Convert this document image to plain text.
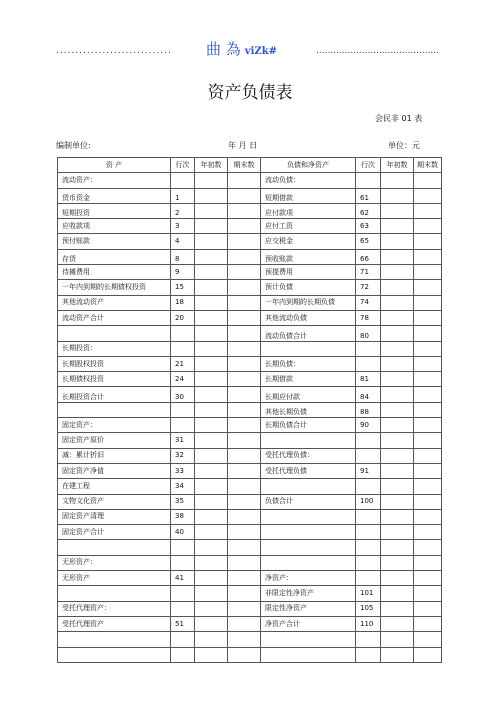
.............................. 曲 為 viZk#	...........................................
资产负债表
会民非 01 表
编制单位:	年 月 日	单位：元
资 产	行次	年初数	期末数	负债和净资产	行次	年初数	期末数
流动资产：				流动负债：			
货币资金	1			短期借款	61		
短期投资	2			应付款项	62		
应收款项	3			应付工资	63		
预付账款	4			应交税金	65		
存货	8			预收账款	66		
待摊费用	9			预提费用	71		
一年内到期的长期债权投资	15			预计负债	72		
其他流动资产	18			一年内到期的长期负债	74		
流动资产合计	20			其他流动负债	78		
				流动负债合计	80		
长期投资：							
长期股权投资	21			长期负债：			
长期债权投资	24			长期借款	81		
长期投资合计	30			长期应付款	84		
				其他长期负债	88		
固定资产：				长期负债合计	90		
固定资产原价	31						
减：累计折旧	32			受托代理负债：			
固定资产净值	33			受托代理负债	91		
在建工程	34						
文物文化资产	35			负债合计	100		
固定资产清理	38						
固定资产合计	40						

无形资产：							
无形资产	41			净资产：			
				非限定性净资产	101		
受托代理资产：				限定性净资产	105		
受托代理资产	51			净资产合计	110		
